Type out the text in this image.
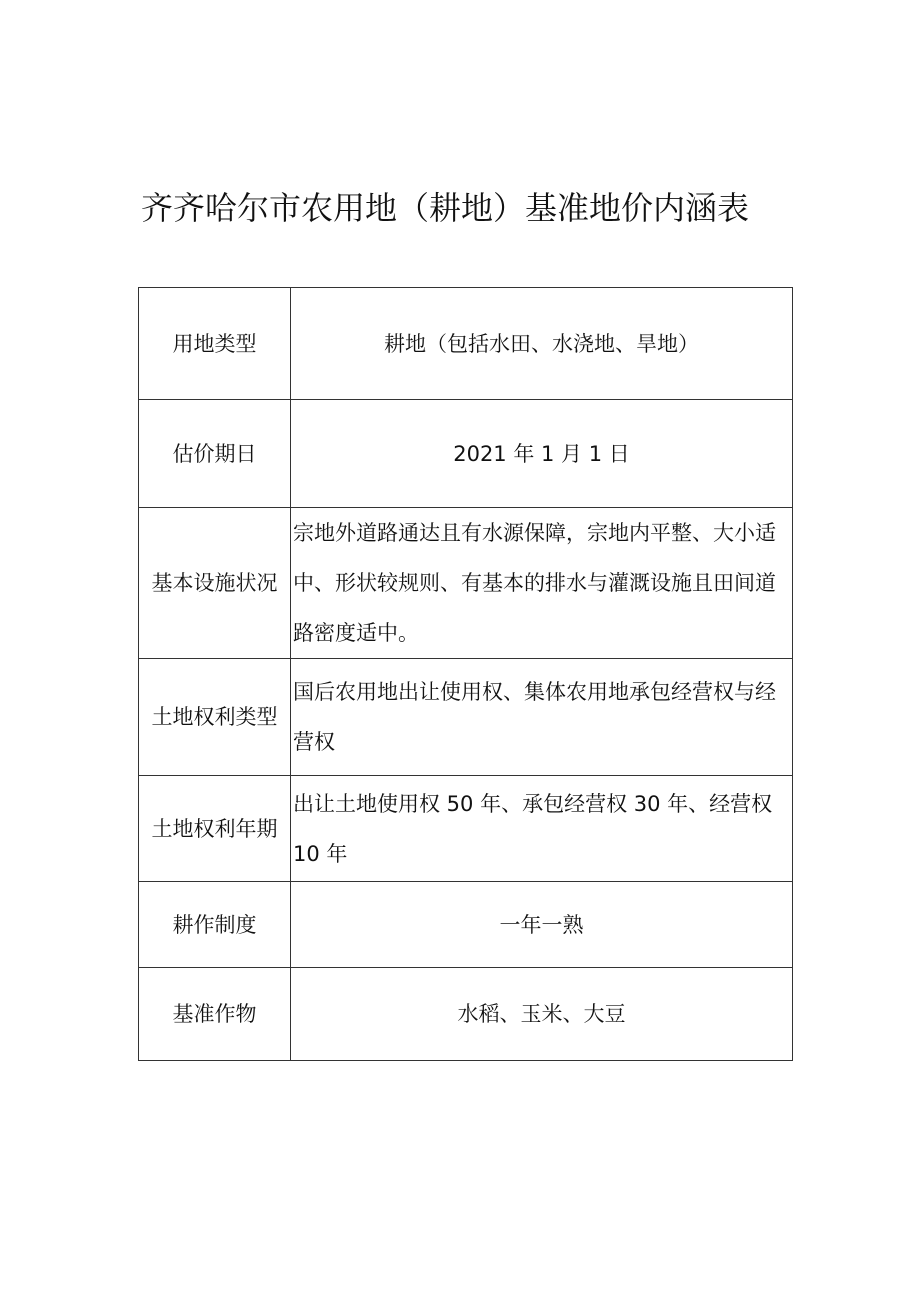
齐齐哈尔市农用地（耕地）基准地价内涵表
用地类型	耕地（包括水田、水浇地、旱地）
估价期日	2021 年 1 月 1 日
基本设施状况	宗地外道路通达且有水源保障，宗地内平整、大小适中、形状较规则、有基本的排水与灌溉设施且田间道路密度适中。
土地权利类型	国后农用地出让使用权、集体农用地承包经营权与经营权
土地权利年期	出让土地使用权 50 年、承包经营权 30 年、经营权 10 年
耕作制度	一年一熟
基准作物	水稻、玉米、大豆
